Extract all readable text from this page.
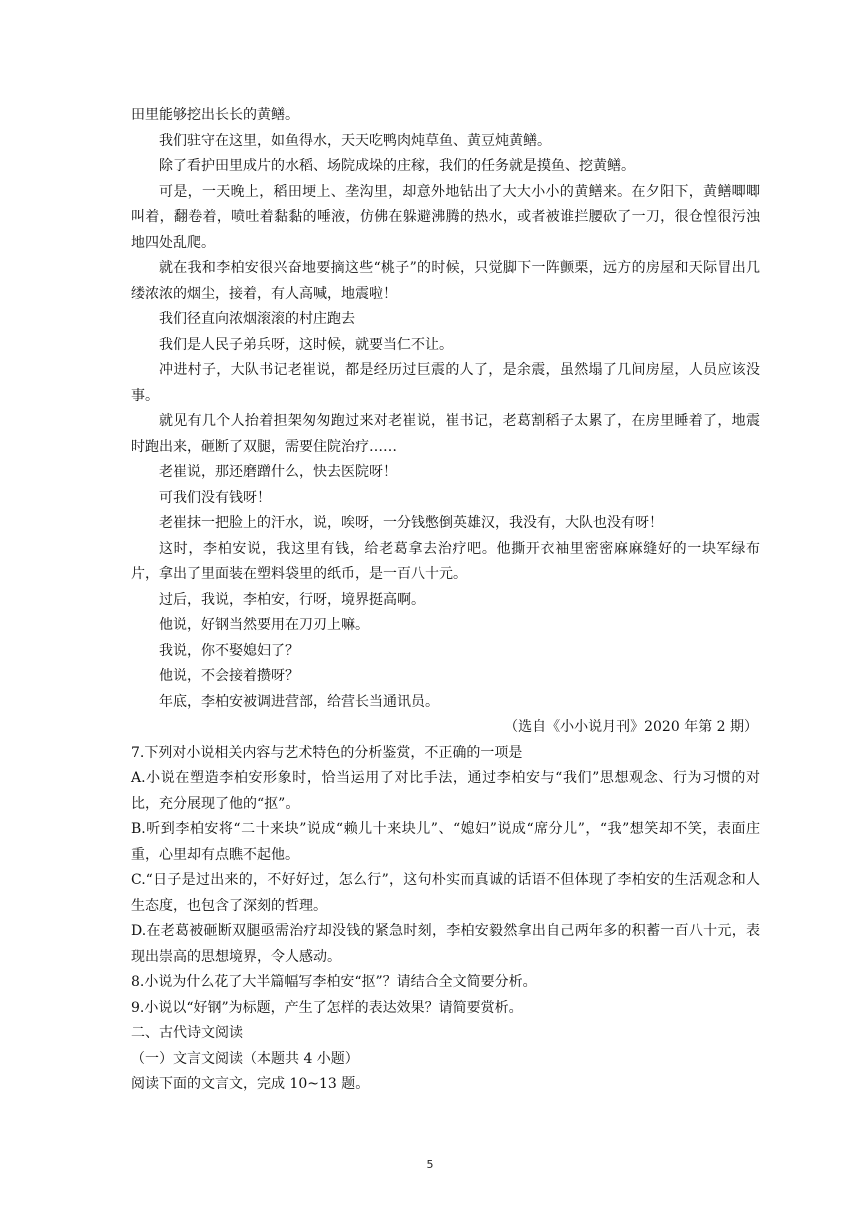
田里能够挖出长长的黄鳝。

我们驻守在这里，如鱼得水，天天吃鸭肉炖草鱼、黄豆炖黄鳝。

除了看护田里成片的水稻、场院成垛的庄稼，我们的任务就是摸鱼、挖黄鳝。

可是，一天晚上，稻田埂上、垄沟里，却意外地钻出了大大小小的黄鳝来。在夕阳下，黄鳝唧唧叫着，翻卷着，喷吐着黏黏的唾液，仿佛在躲避沸腾的热水，或者被谁拦腰砍了一刀，很仓惶很污浊地四处乱爬。

就在我和李柏安很兴奋地要摘这些“桃子”的时候，只觉脚下一阵颤栗，远方的房屋和天际冒出几缕浓浓的烟尘，接着，有人高喊，地震啦！

我们径直向浓烟滚滚的村庄跑去

我们是人民子弟兵呀，这时候，就要当仁不让。

冲进村子，大队书记老崔说，都是经历过巨震的人了，是余震，虽然塌了几间房屋，人员应该没事。

就见有几个人抬着担架匆匆跑过来对老崔说，崔书记，老葛割稻子太累了，在房里睡着了，地震时跑出来，砸断了双腿，需要住院治疗……

老崔说，那还磨蹭什么，快去医院呀！

可我们没有钱呀！

老崔抹一把脸上的汗水，说，唉呀，一分钱憋倒英雄汉，我没有，大队也没有呀！

这时，李柏安说，我这里有钱，给老葛拿去治疗吧。他撕开衣袖里密密麻麻缝好的一块军绿布片，拿出了里面装在塑料袋里的纸币，是一百八十元。

过后，我说，李柏安，行呀，境界挺高啊。

他说，好钢当然要用在刀刃上嘛。

我说，你不娶媳妇了？

他说，不会接着攒呀？

年底，李柏安被调进营部，给营长当通讯员。

（选自《小小说月刊》2020 年第 2 期）

7.下列对小说相关内容与艺术特色的分析鉴赏，不正确的一项是

A.小说在塑造李柏安形象时，恰当运用了对比手法，通过李柏安与“我们”思想观念、行为习惯的对比，充分展现了他的“抠”。

B.听到李柏安将“二十来块”说成“赖儿十来块儿”、“媳妇”说成“席分儿”，“我”想笑却不笑，表面庄重，心里却有点瞧不起他。

C.“日子是过出来的，不好好过，怎么行”，这句朴实而真诚的话语不但体现了李柏安的生活观念和人生态度，也包含了深刻的哲理。

D.在老葛被砸断双腿亟需治疗却没钱的紧急时刻，李柏安毅然拿出自己两年多的积蓄一百八十元，表现出崇高的思想境界，令人感动。

8.小说为什么花了大半篇幅写李柏安“抠”？请结合全文简要分析。

9.小说以“好钢”为标题，产生了怎样的表达效果？请简要赏析。

二、古代诗文阅读

（一）文言文阅读（本题共 4 小题）

阅读下面的文言文，完成 10~13 题。

5
